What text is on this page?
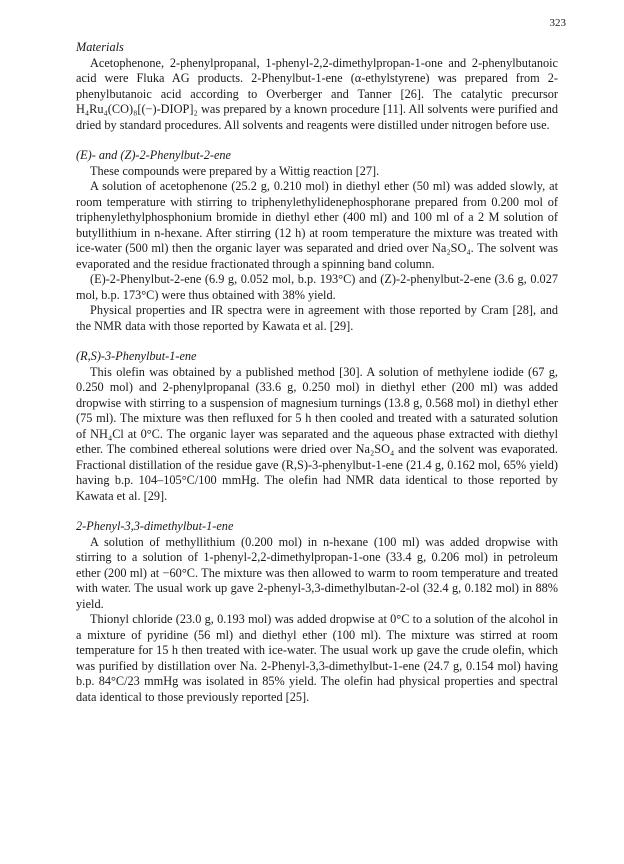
323

Materials

Acetophenone, 2-phenylpropanal, 1-phenyl-2,2-dimethylpropan-1-one and 2-phenylbutanoic acid were Fluka AG products. 2-Phenylbut-1-ene (α-ethylstyrene) was prepared from 2-phenylbutanoic acid according to Overberger and Tanner [26]. The catalytic precursor H₄Ru₄(CO)₈[(−)-DIOP]₂ was prepared by a known procedure [11]. All solvents were purified and dried by standard procedures. All solvents and reagents were distilled under nitrogen before use.

(E)- and (Z)-2-Phenylbut-2-ene

These compounds were prepared by a Wittig reaction [27].

A solution of acetophenone (25.2 g, 0.210 mol) in diethyl ether (50 ml) was added slowly, at room temperature with stirring to triphenylethylidenephosphorane prepared from 0.200 mol of triphenylethylphosphonium bromide in diethyl ether (400 ml) and 100 ml of a 2 M solution of butyllithium in n-hexane. After stirring (12 h) at room temperature the mixture was treated with ice-water (500 ml) then the organic layer was separated and dried over Na₂SO₄. The solvent was evaporated and the residue fractionated through a spinning band column.

(E)-2-Phenylbut-2-ene (6.9 g, 0.052 mol, b.p. 193°C) and (Z)-2-phenylbut-2-ene (3.6 g, 0.027 mol, b.p. 173°C) were thus obtained with 38% yield.

Physical properties and IR spectra were in agreement with those reported by Cram [28], and the NMR data with those reported by Kawata et al. [29].

(R,S)-3-Phenylbut-1-ene

This olefin was obtained by a published method [30]. A solution of methylene iodide (67 g, 0.250 mol) and 2-phenylpropanal (33.6 g, 0.250 mol) in diethyl ether (200 ml) was added dropwise with stirring to a suspension of magnesium turnings (13.8 g, 0.568 mol) in diethyl ether (75 ml). The mixture was then refluxed for 5 h then cooled and treated with a saturated solution of NH₄Cl at 0°C. The organic layer was separated and the aqueous phase extracted with diethyl ether. The combined ethereal solutions were dried over Na₂SO₄ and the solvent was evaporated. Fractional distillation of the residue gave (R,S)-3-phenylbut-1-ene (21.4 g, 0.162 mol, 65% yield) having b.p. 104–105°C/100 mmHg. The olefin had NMR data identical to those reported by Kawata et al. [29].

2-Phenyl-3,3-dimethylbut-1-ene

A solution of methyllithium (0.200 mol) in n-hexane (100 ml) was added dropwise with stirring to a solution of 1-phenyl-2,2-dimethylpropan-1-one (33.4 g, 0.206 mol) in petroleum ether (200 ml) at −60°C. The mixture was then allowed to warm to room temperature and treated with water. The usual work up gave 2-phenyl-3,3-dimethylbutan-2-ol (32.4 g, 0.182 mol) in 88% yield.

Thionyl chloride (23.0 g, 0.193 mol) was added dropwise at 0°C to a solution of the alcohol in a mixture of pyridine (56 ml) and diethyl ether (100 ml). The mixture was stirred at room temperature for 15 h then treated with ice-water. The usual work up gave the crude olefin, which was purified by distillation over Na. 2-Phenyl-3,3-dimethylbut-1-ene (24.7 g, 0.154 mol) having b.p. 84°C/23 mmHg was isolated in 85% yield. The olefin had physical properties and spectral data identical to those previously reported [25].
